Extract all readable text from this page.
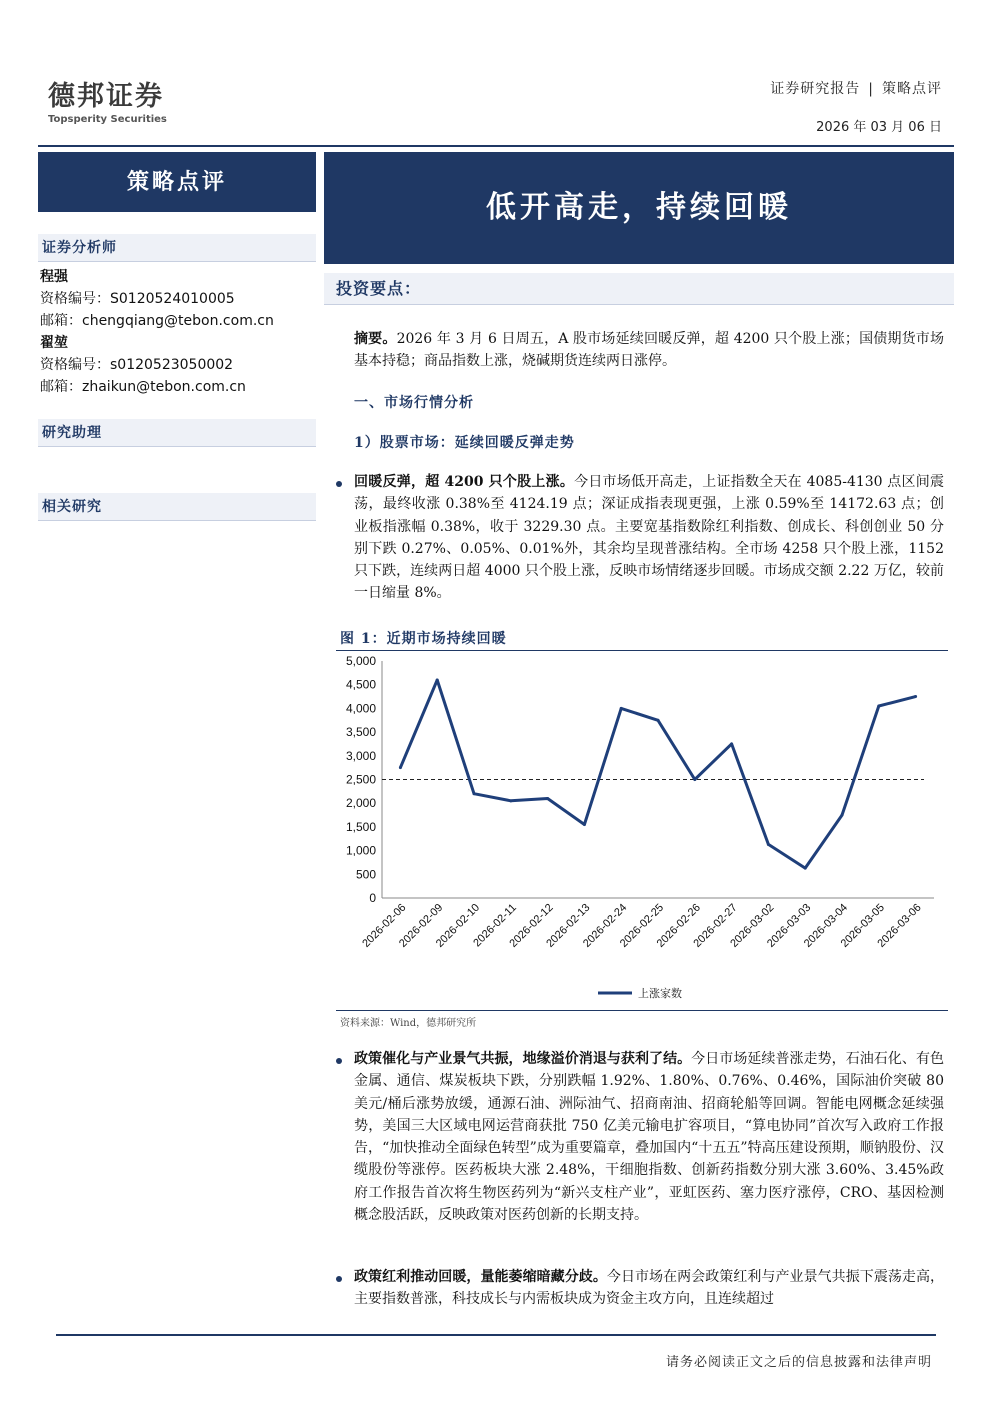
德邦证券
Topsperity Securities
证券研究报告 | 策略点评
2026 年 03 月 06 日
策略点评
证券分析师
程强
资格编号：S0120524010005
邮箱：chengqiang@tebon.com.cn
翟堃
资格编号：s0120523050002
邮箱：zhaikun@tebon.com.cn
研究助理
相关研究
低开高走，持续回暖
投资要点：
摘要。2026 年 3 月 6 日周五，A 股市场延续回暖反弹，超 4200 只个股上涨；国债期货市场基本持稳；商品指数上涨，烧碱期货连续两日涨停。
一、市场行情分析
1）股票市场：延续回暖反弹走势
回暖反弹，超 4200 只个股上涨。今日市场低开高走，上证指数全天在 4085-4130 点区间震荡，最终收涨 0.38%至 4124.19 点；深证成指表现更强，上涨 0.59%至 14172.63 点；创业板指涨幅 0.38%，收于 3229.30 点。主要宽基指数除红利指数、创成长、科创创业 50 分别下跌 0.27%、0.05%、0.01%外，其余均呈现普涨结构。全市场 4258 只个股上涨，1152 只下跌，连续两日超 4000 只个股上涨，反映市场情绪逐步回暖。市场成交额 2.22 万亿，较前一日缩量 8%。
图 1：近期市场持续回暖
5,000
4,500
4,000
3,500
3,000
2,500
2,000
1,500
1,000
500
0
2026-02-06
2026-02-09
2026-02-10
2026-02-11
2026-02-12
2026-02-13
2026-02-24
2026-02-25
2026-02-26
2026-02-27
2026-03-02
2026-03-03
2026-03-04
2026-03-05
2026-03-06
上涨家数
资料来源：Wind，德邦研究所
政策催化与产业景气共振，地缘溢价消退与获利了结。今日市场延续普涨走势，石油石化、有色金属、通信、煤炭板块下跌，分别跌幅 1.92%、1.80%、0.76%、0.46%，国际油价突破 80 美元/桶后涨势放缓，通源石油、洲际油气、招商南油、招商轮船等回调。智能电网概念延续强势，美国三大区域电网运营商获批 750 亿美元输电扩容项目，“算电协同”首次写入政府工作报告，“加快推动全面绿色转型”成为重要篇章，叠加国内“十五五”特高压建设预期，顺钠股份、汉缆股份等涨停。医药板块大涨 2.48%，干细胞指数、创新药指数分别大涨 3.60%、3.45%政府工作报告首次将生物医药列为“新兴支柱产业”，亚虹医药、塞力医疗涨停，CRO、基因检测概念股活跃，反映政策对医药创新的长期支持。
政策红利推动回暖，量能萎缩暗藏分歧。今日市场在两会政策红利与产业景气共振下震荡走高，主要指数普涨，科技成长与内需板块成为资金主攻方向，且连续超过
请务必阅读正文之后的信息披露和法律声明
